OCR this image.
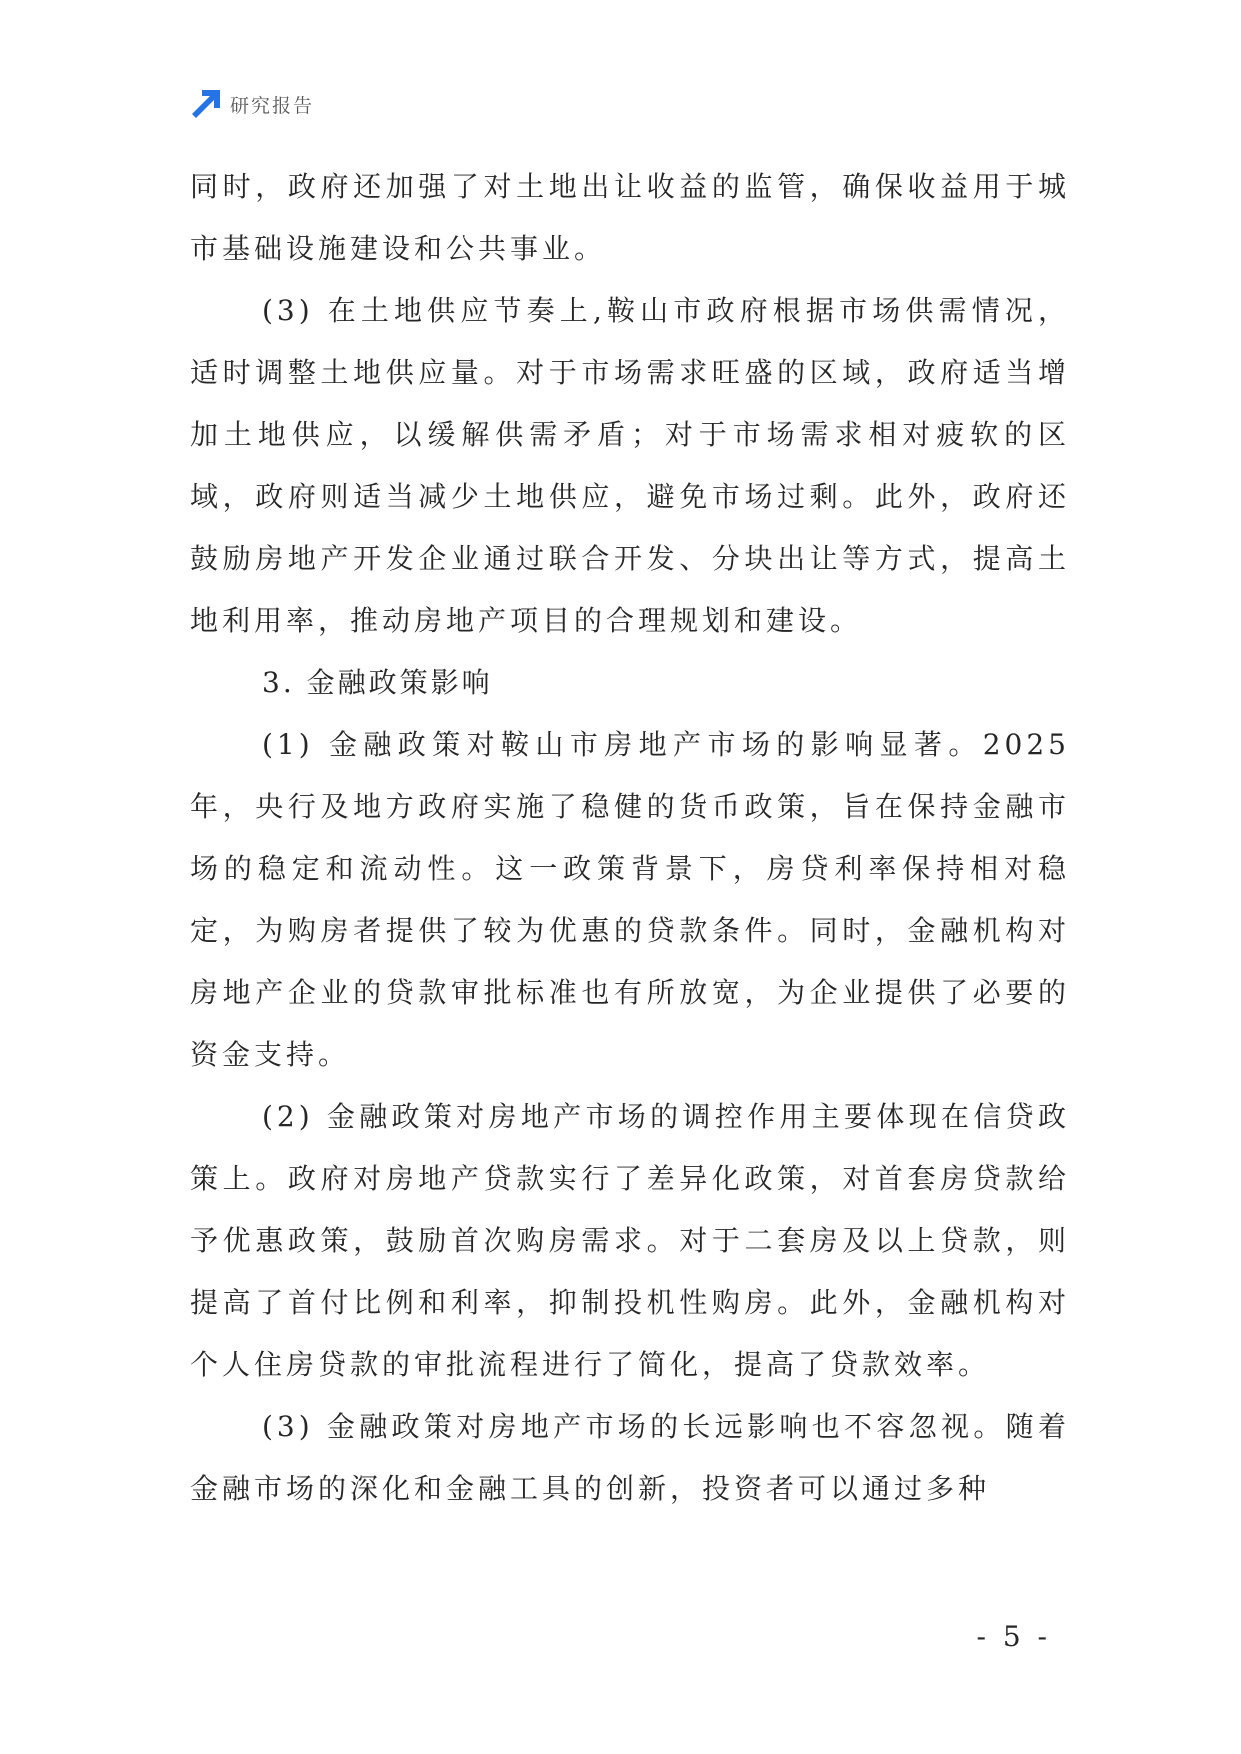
研究报告

同时，政府还加强了对土地出让收益的监管，确保收益用于城市基础设施建设和公共事业。

(3) 在土地供应节奏上,鞍山市政府根据市场供需情况，适时调整土地供应量。对于市场需求旺盛的区域，政府适当增加土地供应，以缓解供需矛盾；对于市场需求相对疲软的区域，政府则适当减少土地供应，避免市场过剩。此外，政府还鼓励房地产开发企业通过联合开发、分块出让等方式，提高土地利用率，推动房地产项目的合理规划和建设。

3. 金融政策影响

(1) 金融政策对鞍山市房地产市场的影响显著。2025年，央行及地方政府实施了稳健的货币政策，旨在保持金融市场的稳定和流动性。这一政策背景下，房贷利率保持相对稳定，为购房者提供了较为优惠的贷款条件。同时，金融机构对房地产企业的贷款审批标准也有所放宽，为企业提供了必要的资金支持。

(2) 金融政策对房地产市场的调控作用主要体现在信贷政策上。政府对房地产贷款实行了差异化政策，对首套房贷款给予优惠政策，鼓励首次购房需求。对于二套房及以上贷款，则提高了首付比例和利率，抑制投机性购房。此外，金融机构对个人住房贷款的审批流程进行了简化，提高了贷款效率。

(3) 金融政策对房地产市场的长远影响也不容忽视。随着金融市场的深化和金融工具的创新，投资者可以通过多种

- 5 -
